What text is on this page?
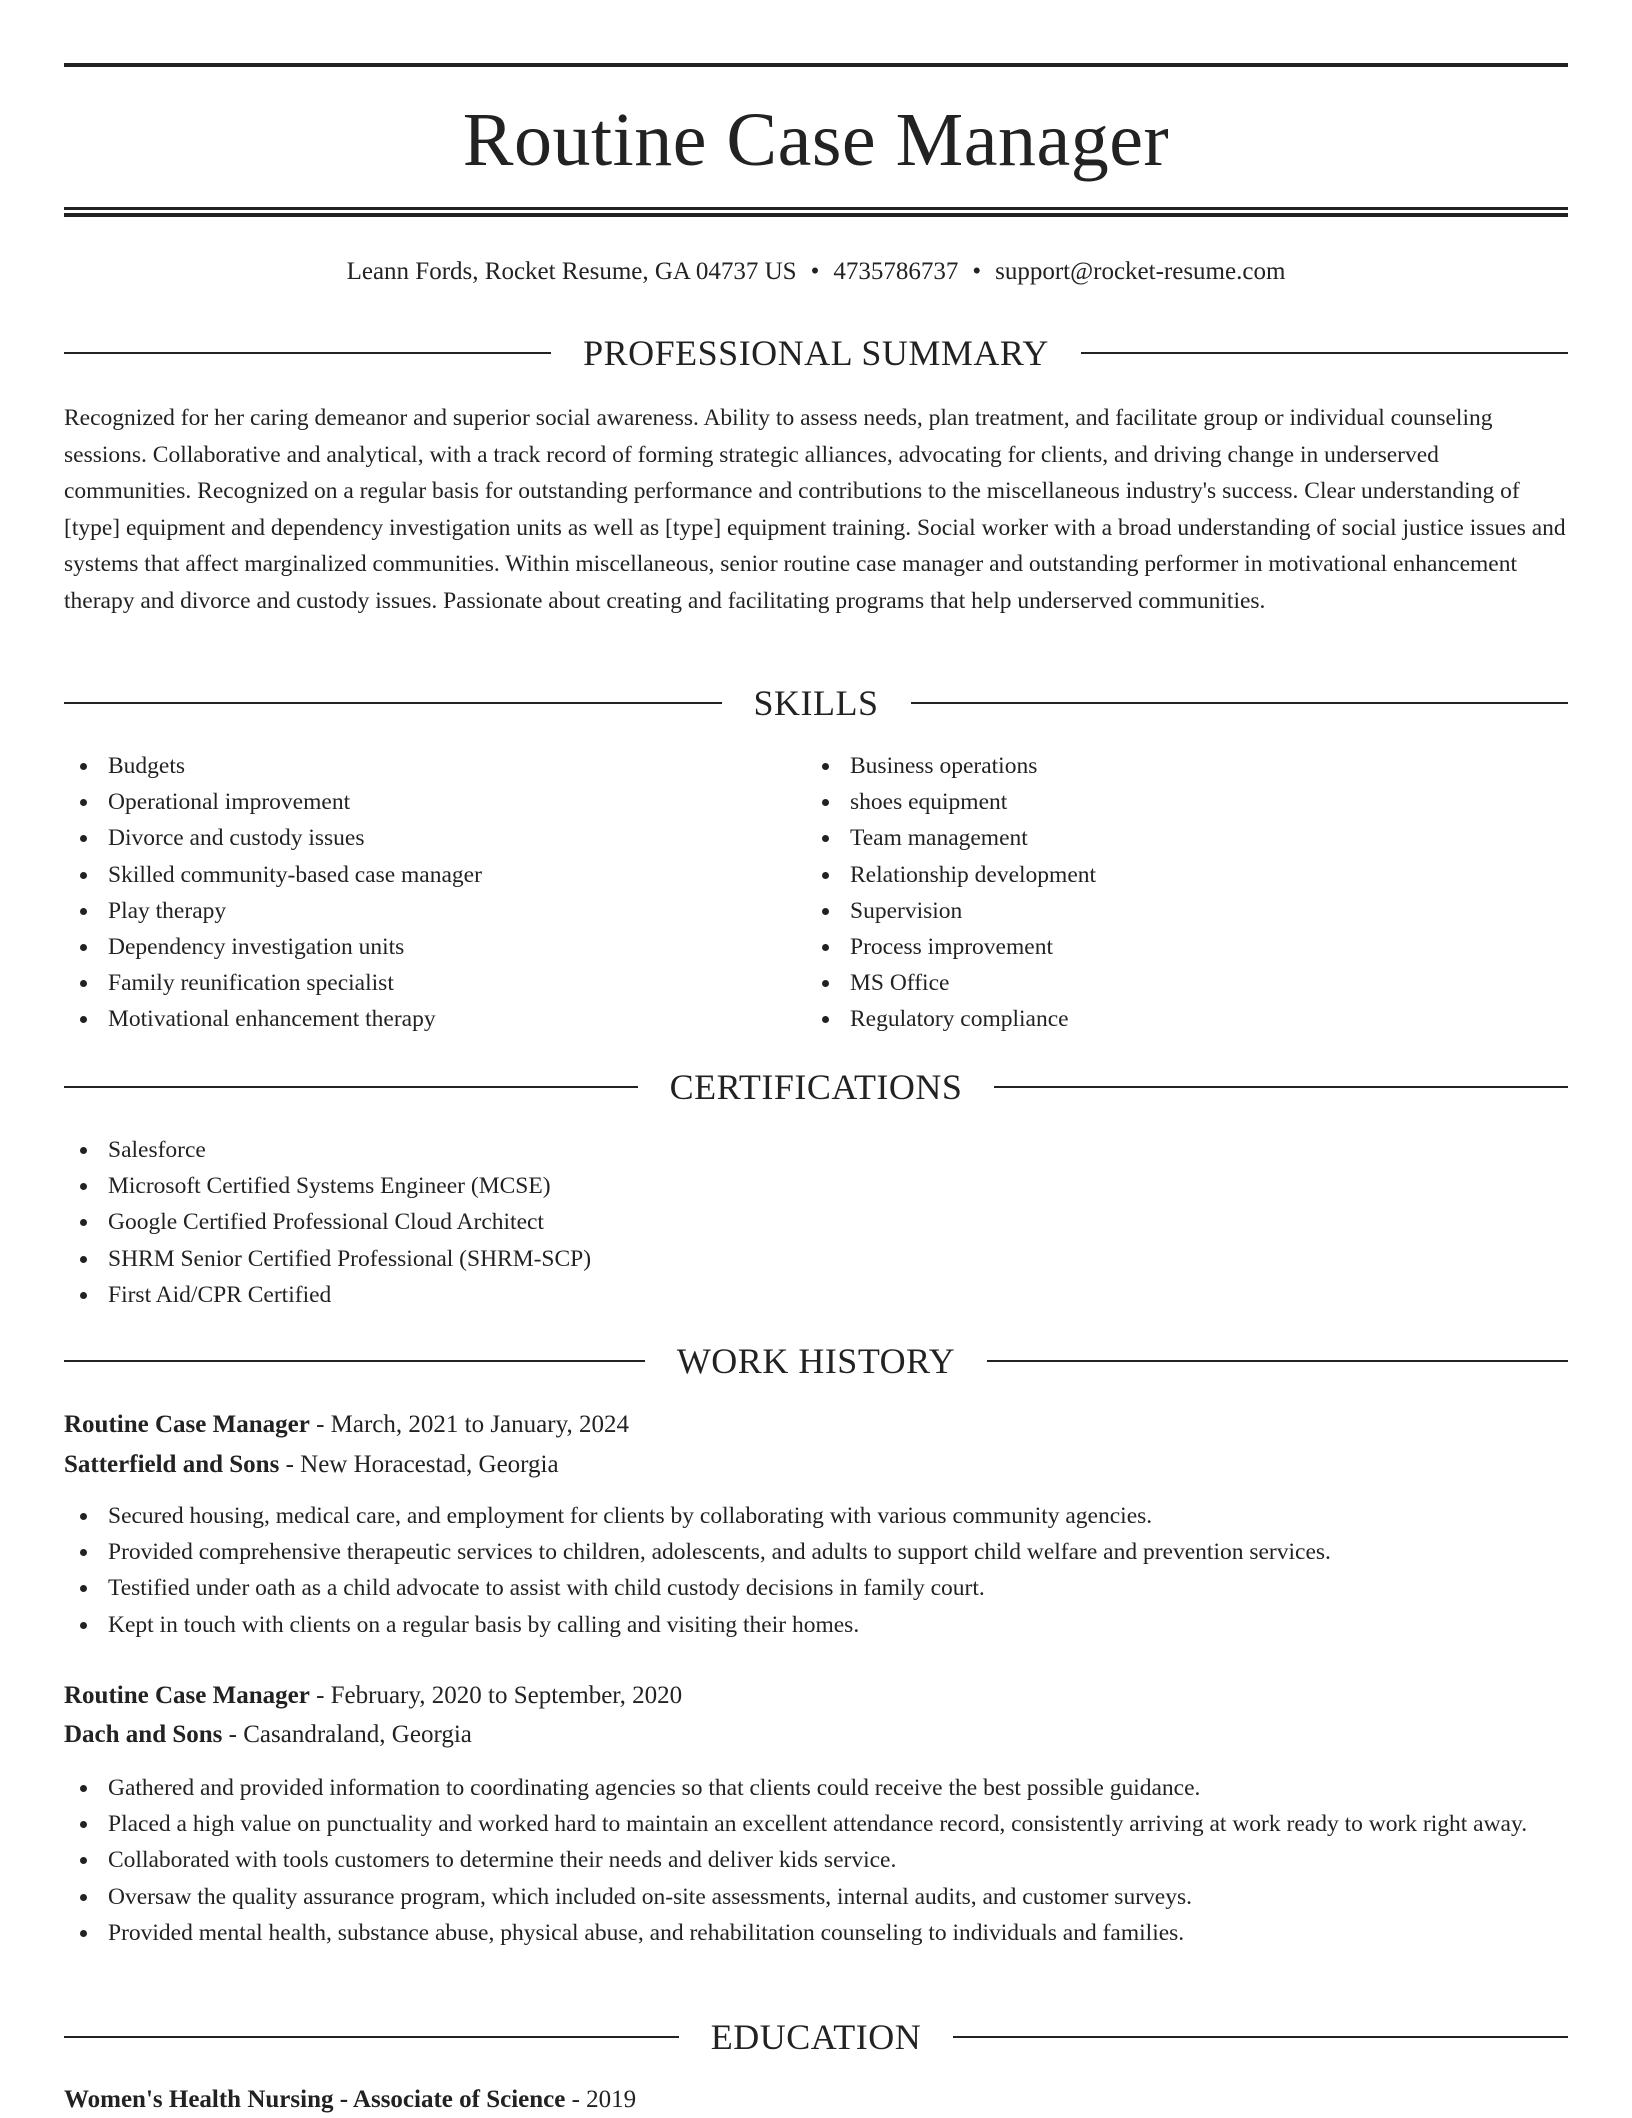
Routine Case Manager
Leann Fords, Rocket Resume, GA 04737 US • 4735786737 • support@rocket-resume.com
PROFESSIONAL SUMMARY

Recognized for her caring demeanor and superior social awareness. Ability to assess needs, plan treatment, and facilitate group or individual counseling sessions. Collaborative and analytical, with a track record of forming strategic alliances, advocating for clients, and driving change in underserved communities. Recognized on a regular basis for outstanding performance and contributions to the miscellaneous industry's success. Clear understanding of [type] equipment and dependency investigation units as well as [type] equipment training. Social worker with a broad understanding of social justice issues and systems that affect marginalized communities. Within miscellaneous, senior routine case manager and outstanding performer in motivational enhancement therapy and divorce and custody issues. Passionate about creating and facilitating programs that help underserved communities.

SKILLS
Budgets
Operational improvement
Divorce and custody issues
Skilled community-based case manager
Play therapy
Dependency investigation units
Family reunification specialist
Motivational enhancement therapy
Business operations
shoes equipment
Team management
Relationship development
Supervision
Process improvement
MS Office
Regulatory compliance
CERTIFICATIONS
Salesforce
Microsoft Certified Systems Engineer (MCSE)
Google Certified Professional Cloud Architect
SHRM Senior Certified Professional (SHRM-SCP)
First Aid/CPR Certified
WORK HISTORY
Routine Case Manager - March, 2021 to January, 2024
Satterfield and Sons - New Horacestad, Georgia
Secured housing, medical care, and employment for clients by collaborating with various community agencies.
Provided comprehensive therapeutic services to children, adolescents, and adults to support child welfare and prevention services.
Testified under oath as a child advocate to assist with child custody decisions in family court.
Kept in touch with clients on a regular basis by calling and visiting their homes.
Routine Case Manager - February, 2020 to September, 2020
Dach and Sons - Casandraland, Georgia
Gathered and provided information to coordinating agencies so that clients could receive the best possible guidance.
Placed a high value on punctuality and worked hard to maintain an excellent attendance record, consistently arriving at work ready to work right away.
Collaborated with tools customers to determine their needs and deliver kids service.
Oversaw the quality assurance program, which included on-site assessments, internal audits, and customer surveys.
Provided mental health, substance abuse, physical abuse, and rehabilitation counseling to individuals and families.
EDUCATION
Women's Health Nursing - Associate of Science - 2019
